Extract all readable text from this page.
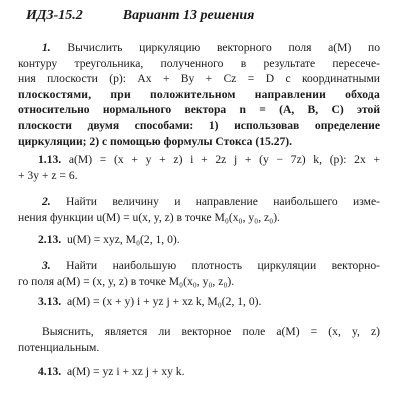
ИДЗ-15.2	Вариант 13 решения
1. Вычислить циркуляцию векторного поля a(M) по
контуру треугольника, полученного в результате пересече-
ния плоскости (p): Ax + By + Cz = D с координатными
плоскостями, при положительном направлении обхода
относительно нормального вектора n = (A, B, C) этой
плоскости двумя способами: 1) использовав определение
циркуляции; 2) с помощью формулы Стокса (15.27).
1.13. a(M) = (x + y + z) i + 2z j + (y − 7z) k, (p): 2x +
+ 3y + z = 6.
2. Найти величину и направление наибольшего изме-
нения функции u(M) = u(x, y, z) в точке M₀(x₀, y₀, z₀).
2.13. u(M) = xyz, M₀(2, 1, 0).
3. Найти наибольшую плотность циркуляции векторно-
го поля a(M) = (x, y, z) в точке M₀(x₀, y₀, z₀).
3.13. a(M) = (x + y) i + yz j + xz k, M₀(2, 1, 0).
Выяснить, является ли векторное поле a(M) = (x, y, z)
потенциальным.
4.13. a(M) = yz i + xz j + xy k.
